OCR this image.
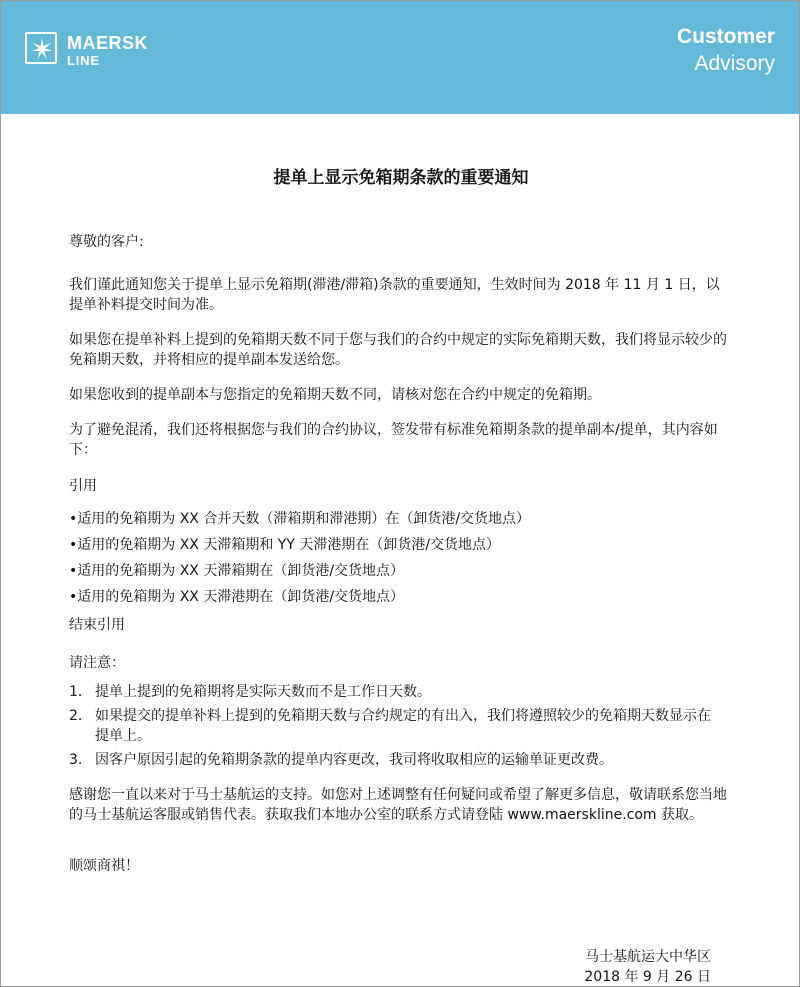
MAERSK
LINE
Customer
Advisory
提单上显示免箱期条款的重要通知
尊敬的客户:
我们谨此通知您关于提单上显示免箱期(滞港/滞箱)条款的重要通知，生效时间为 2018 年 11 月 1 日，以提单补料提交时间为准。
如果您在提单补料上提到的免箱期天数不同于您与我们的合约中规定的实际免箱期天数，我们将显示较少的免箱期天数，并将相应的提单副本发送给您。
如果您收到的提单副本与您指定的免箱期天数不同，请核对您在合约中规定的免箱期。
为了避免混淆，我们还将根据您与我们的合约协议，签发带有标准免箱期条款的提单副本/提单，其内容如下：
引用
•适用的免箱期为 XX 合并天数（滞箱期和滞港期）在（卸货港/交货地点）
•适用的免箱期为 XX 天滞箱期和 YY 天滞港期在（卸货港/交货地点）
•适用的免箱期为 XX 天滞箱期在（卸货港/交货地点）
•适用的免箱期为 XX 天滞港期在（卸货港/交货地点）
结束引用
请注意：
1. 提单上提到的免箱期将是实际天数而不是工作日天数。
2. 如果提交的提单补料上提到的免箱期天数与合约规定的有出入，我们将遵照较少的免箱期天数显示在提单上。
3. 因客户原因引起的免箱期条款的提单内容更改，我司将收取相应的运输单证更改费。
感谢您一直以来对于马士基航运的支持。如您对上述调整有任何疑问或希望了解更多信息，敬请联系您当地的马士基航运客服或销售代表。获取我们本地办公室的联系方式请登陆 www.maerskline.com 获取。
顺颂商祺！
马士基航运大中华区
2018 年 9 月 26 日
